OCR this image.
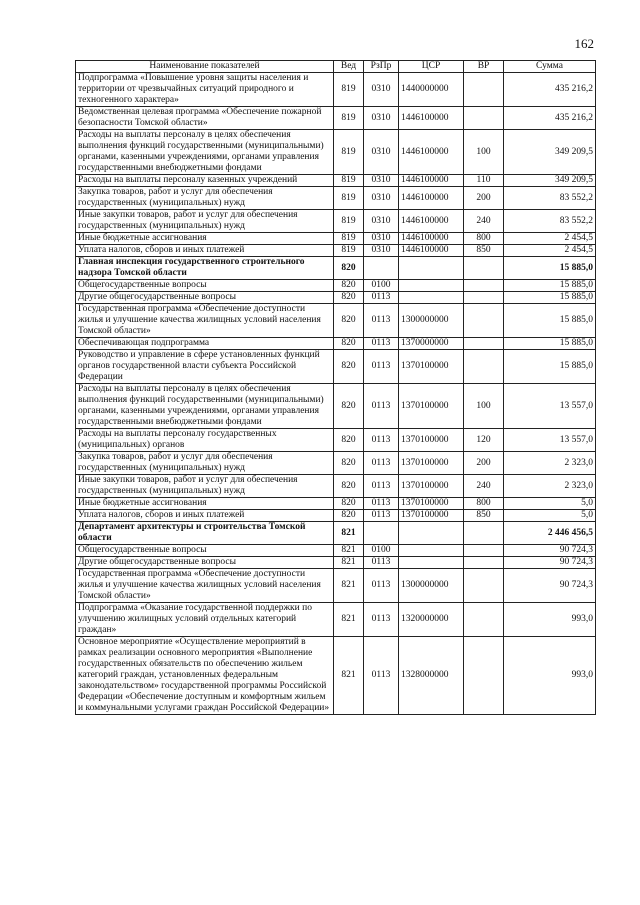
162
Наименование показателей	Вед	РзПр	ЦСР	ВР	Сумма
Подпрограмма «Повышение уровня защиты населения и территории от чрезвычайных ситуаций природного и техногенного характера»	819	0310	1440000000		435 216,2
Ведомственная целевая программа «Обеспечение пожарной безопасности Томской области»	819	0310	1446100000		435 216,2
Расходы на выплаты персоналу в целях обеспечения выполнения функций государственными (муниципальными) органами, казенными учреждениями, органами управления государственными внебюджетными фондами	819	0310	1446100000	100	349 209,5
Расходы на выплаты персоналу казенных учреждений	819	0310	1446100000	110	349 209,5
Закупка товаров, работ и услуг для обеспечения государственных (муниципальных) нужд	819	0310	1446100000	200	83 552,2
Иные закупки товаров, работ и услуг для обеспечения государственных (муниципальных) нужд	819	0310	1446100000	240	83 552,2
Иные бюджетные ассигнования	819	0310	1446100000	800	2 454,5
Уплата налогов, сборов и иных платежей	819	0310	1446100000	850	2 454,5
Главная инспекция государственного строительного надзора Томской области	820				15 885,0
Общегосударственные вопросы	820	0100			15 885,0
Другие общегосударственные вопросы	820	0113			15 885,0
Государственная программа «Обеспечение доступности жилья и улучшение качества жилищных условий населения Томской области»	820	0113	1300000000		15 885,0
Обеспечивающая подпрограмма	820	0113	1370000000		15 885,0
Руководство и управление в сфере установленных функций органов государственной власти субъекта Российской Федерации	820	0113	1370100000		15 885,0
Расходы на выплаты персоналу в целях обеспечения выполнения функций государственными (муниципальными) органами, казенными учреждениями, органами управления государственными внебюджетными фондами	820	0113	1370100000	100	13 557,0
Расходы на выплаты персоналу государственных (муниципальных) органов	820	0113	1370100000	120	13 557,0
Закупка товаров, работ и услуг для обеспечения государственных (муниципальных) нужд	820	0113	1370100000	200	2 323,0
Иные закупки товаров, работ и услуг для обеспечения государственных (муниципальных) нужд	820	0113	1370100000	240	2 323,0
Иные бюджетные ассигнования	820	0113	1370100000	800	5,0
Уплата налогов, сборов и иных платежей	820	0113	1370100000	850	5,0
Департамент архитектуры и строительства Томской области	821				2 446 456,5
Общегосударственные вопросы	821	0100			90 724,3
Другие общегосударственные вопросы	821	0113			90 724,3
Государственная программа «Обеспечение доступности жилья и улучшение качества жилищных условий населения Томской области»	821	0113	1300000000		90 724,3
Подпрограмма «Оказание государственной поддержки по улучшению жилищных условий отдельных категорий граждан»	821	0113	1320000000		993,0
Основное мероприятие «Осуществление мероприятий в рамках реализации основного мероприятия «Выполнение государственных обязательств по обеспечению жильем категорий граждан, установленных федеральным законодательством» государственной программы Российской Федерации «Обеспечение доступным и комфортным жильем и коммунальными услугами граждан Российской Федерации»	821	0113	1328000000		993,0
